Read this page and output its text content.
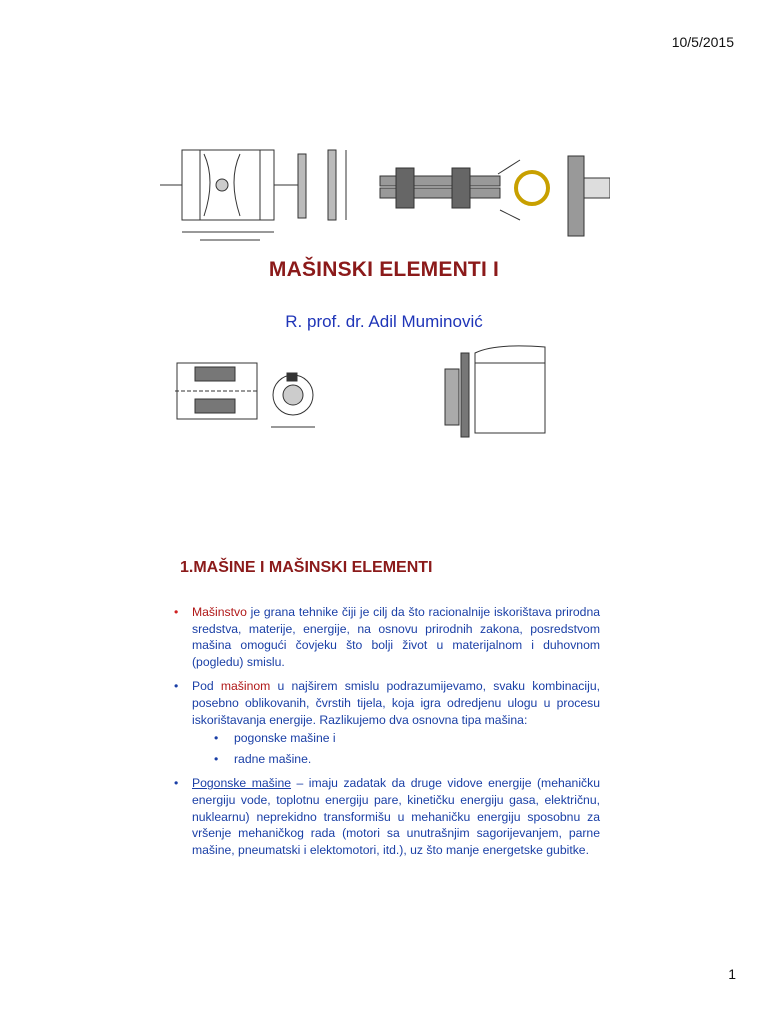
10/5/2015
MAŠINSKI ELEMENTI I
R. prof. dr. Adil Muminović
1.MAŠINE I MAŠINSKI ELEMENTI
• Mašinstvo je grana tehnike čiji je cilj da što racionalnije iskorištava prirodna sredstva, materije, energije, na osnovu prirodnih zakona, posredstvom mašina omogući čovjeku što bolji život u materijalnom i duhovnom (pogledu) smislu.
• Pod mašinom u najširem smislu podrazumijevamo, svaku kombinaciju, posebno oblikovanih, čvrstih tijela, koja igra odredjenu ulogu u procesu iskorištavanja energije. Razlikujemo dva osnovna tipa mašina:
• pogonske mašine i
• radne mašine.
• Pogonske mašine – imaju zadatak da druge vidove energije (mehaničku energiju vode, toplotnu energiju pare, kinetičku energiju gasa, električnu, nuklearnu) neprekidno transformišu u mehaničku energiju sposobnu za vršenje mehaničkog rada (motori sa unutrašnjim sagorijevanjem, parne mašine, pneumatski i elektomotori, itd.), uz što manje energetske gubitke.
1
